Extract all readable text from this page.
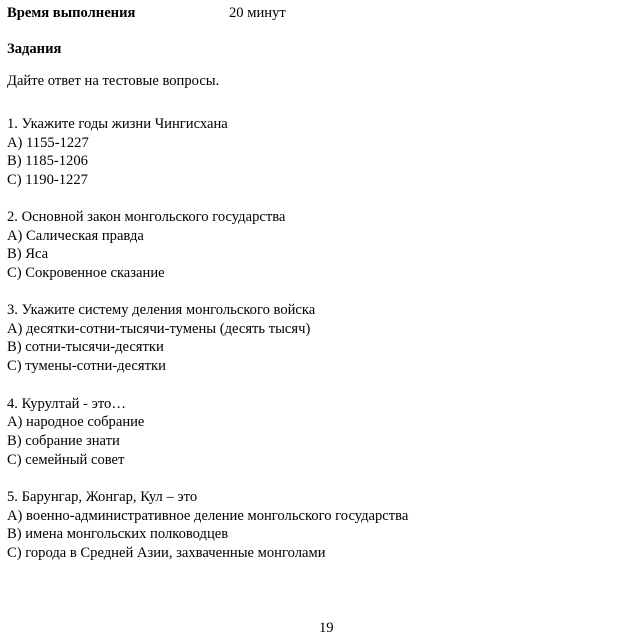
Время выполнения	20 минут
Задания
Дайте ответ на тестовые вопросы.
1. Укажите годы жизни Чингисхана
А) 1155-1227
В) 1185-1206
С) 1190-1227
2. Основной закон монгольского государства
А) Салическая правда
В) Яса
С) Сокровенное сказание
3. Укажите систему деления монгольского войска
А) десятки-сотни-тысячи-тумены (десять тысяч)
В) сотни-тысячи-десятки
С) тумены-сотни-десятки
4. Курултай - это…
А) народное собрание
В) собрание знати
С) семейный совет
5. Барунгар, Жонгар, Кул – это
А) военно-административное деление монгольского государства
В) имена монгольских полководцев
С) города в Средней Азии, захваченные монголами
19
